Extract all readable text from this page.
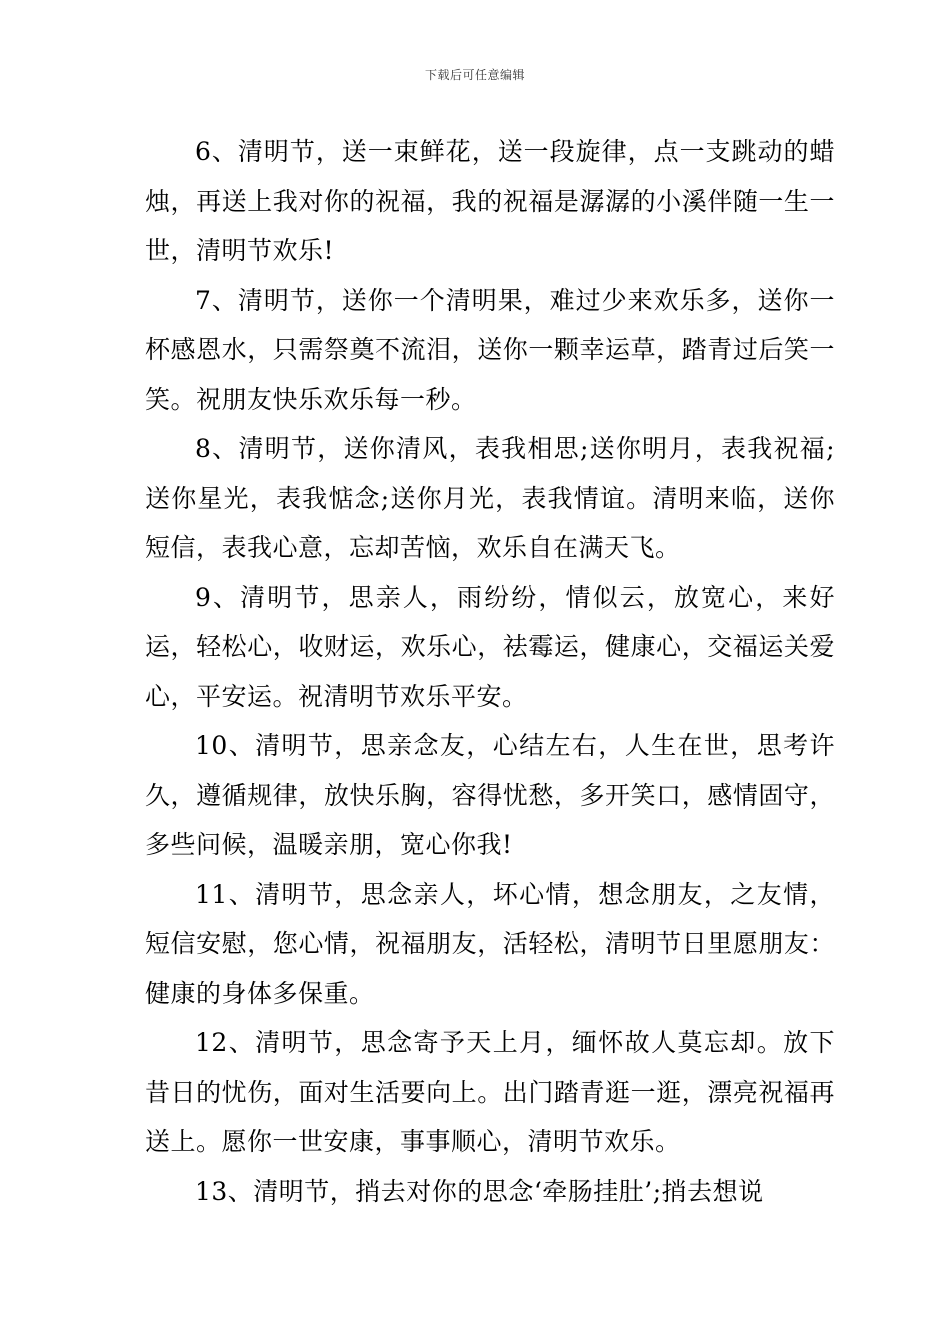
下载后可任意编辑

6、清明节，送一束鲜花，送一段旋律，点一支跳动的蜡烛，再送上我对你的祝福，我的祝福是潺潺的小溪伴随一生一世，清明节欢乐!

7、清明节，送你一个清明果，难过少来欢乐多，送你一杯感恩水，只需祭奠不流泪，送你一颗幸运草，踏青过后笑一笑。祝朋友快乐欢乐每一秒。

8、清明节，送你清风，表我相思;送你明月，表我祝福;送你星光，表我惦念;送你月光，表我情谊。清明来临，送你短信，表我心意，忘却苦恼，欢乐自在满天飞。

9、清明节，思亲人，雨纷纷，情似云，放宽心，来好运，轻松心，收财运，欢乐心，祛霉运，健康心，交福运关爱心，平安运。祝清明节欢乐平安。

10、清明节，思亲念友，心结左右，人生在世，思考许久，遵循规律，放快乐胸，容得忧愁，多开笑口，感情固守，多些问候，温暖亲朋，宽心你我!

11、清明节，思念亲人，坏心情，想念朋友，之友情，短信安慰，您心情，祝福朋友，活轻松，清明节日里愿朋友：健康的身体多保重。

12、清明节，思念寄予天上月，缅怀故人莫忘却。放下昔日的忧伤，面对生活要向上。出门踏青逛一逛，漂亮祝福再送上。愿你一世安康，事事顺心，清明节欢乐。

13、清明节，捎去对你的思念‘牵肠挂肚’;捎去想说
